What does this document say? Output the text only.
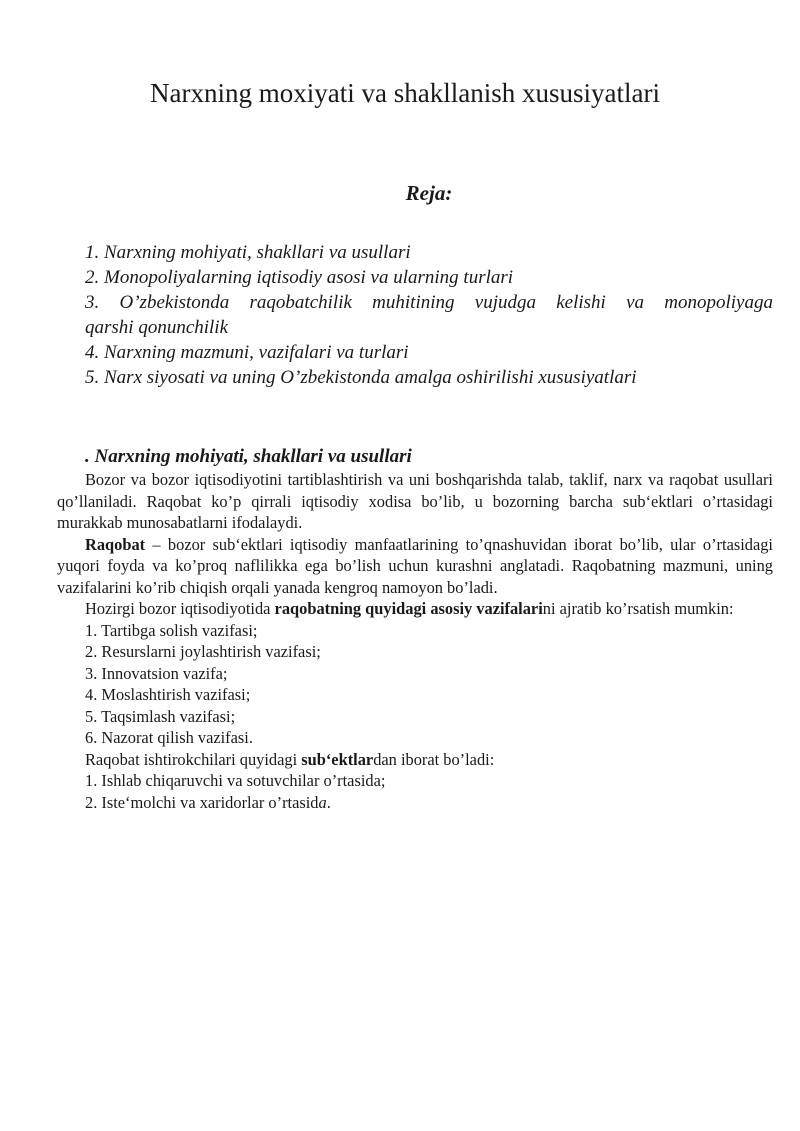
Narxning moxiyati va shakllanish xususiyatlari
Reja:
1. Narxning mohiyati, shakllari va usullari
2. Monopoliyalarning iqtisodiy asosi va ularning turlari
3. O’zbekistonda raqobatchilik muhitining vujudga kelishi va monopoliyaga
qarshi qonunchilik
4. Narxning mazmuni, vazifalari va turlari
5. Narx siyosati va uning O’zbekistonda amalga oshirilishi xususiyatlari
. Narxning mohiyati, shakllari va usullari

Bozor va bozor iqtisodiyotini tartiblashtirish va uni boshqarishda talab, taklif, narx va raqobat usullari qo’llaniladi. Raqobat ko’p qirrali iqtisodiy xodisa bo’lib, u bozorning barcha sub‘ektlari o’rtasidagi murakkab munosabatlarni ifodalaydi.

Raqobat – bozor sub‘ektlari iqtisodiy manfaatlarining to’qnashuvidan iborat bo’lib, ular o’rtasidagi yuqori foyda va ko’proq naflilikka ega bo’lish uchun kurashni anglatadi. Raqobatning mazmuni, uning vazifalarini ko’rib chiqish orqali yanada kengroq namoyon bo’ladi.

Hozirgi bozor iqtisodiyotida raqobatning quyidagi asosiy vazifalarini ajratib ko’rsatish mumkin:

1. Tartibga solish vazifasi;

2. Resurslarni joylashtirish vazifasi;

3. Innovatsion vazifa;

4. Moslashtirish vazifasi;

5. Taqsimlash vazifasi;

6. Nazorat qilish vazifasi.

Raqobat ishtirokchilari quyidagi sub‘ektlardan iborat bo’ladi:

1. Ishlab chiqaruvchi va sotuvchilar o’rtasida;

2. Iste‘molchi va xaridorlar o’rtasida.
